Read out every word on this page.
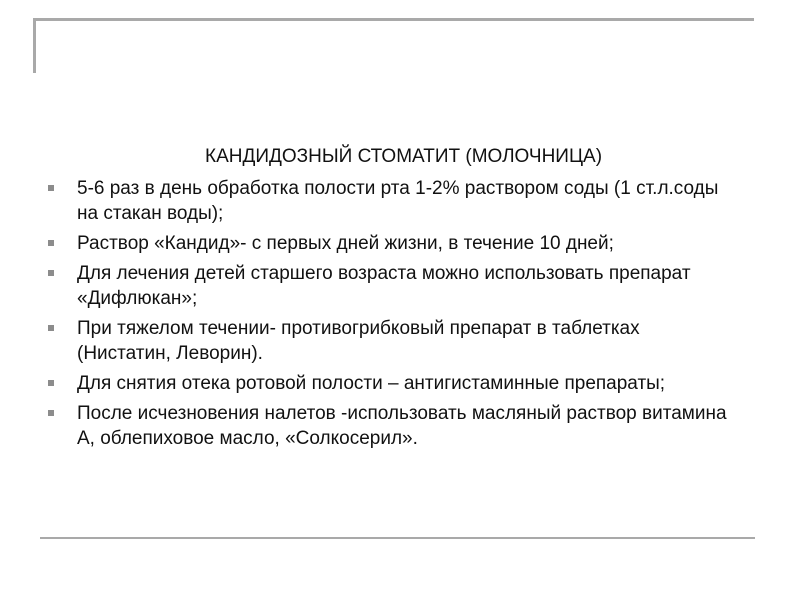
КАНДИДОЗНЫЙ СТОМАТИТ (МОЛОЧНИЦА)
5-6 раз в день обработка полости рта 1-2% раствором соды (1 ст.л.соды на стакан воды);
Раствор «Кандид»- с первых дней жизни, в течение 10 дней;
Для лечения детей старшего возраста можно использовать препарат «Дифлюкан»;
При тяжелом течении- противогрибковый препарат в таблетках (Нистатин, Леворин).
Для снятия отека ротовой полости – антигистаминные препараты;
После исчезновения налетов -использовать масляный раствор витамина А, облепиховое масло, «Солкосерил».
